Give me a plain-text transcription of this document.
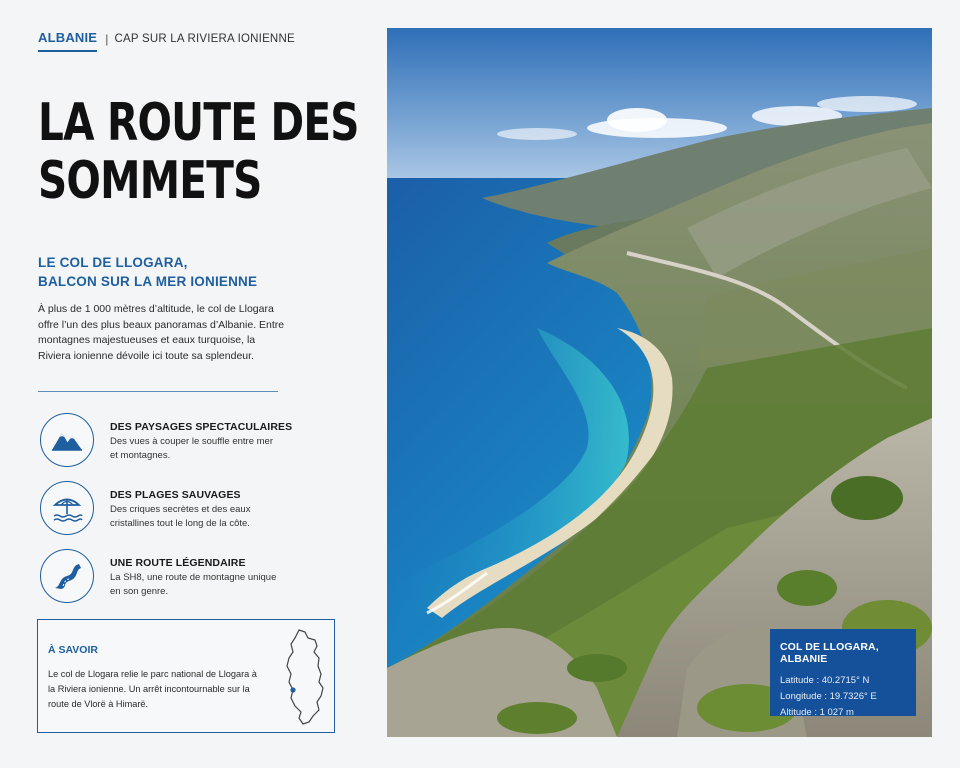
ALBANIE | CAP SUR LA RIVIERA IONIENNE
LA ROUTE DES
SOMMETS
LE COL DE LLOGARA,
BALCON SUR LA MER IONIENNE

À plus de 1 000 mètres d’altitude, le col de Llogara offre l’un des plus beaux panoramas d’Albanie. Entre montagnes majestueuses et eaux turquoise, la Riviera ionienne dévoile ici toute sa splendeur.

DES PAYSAGES SPECTACULAIRES
Des vues à couper le souffle entre mer et montagnes.
DES PLAGES SAUVAGES
Des criques secrètes et des eaux cristallines tout le long de la côte.
UNE ROUTE LÉGENDAIRE
La SH8, une route de montagne unique en son genre.
À SAVOIR
Le col de Llogara relie le parc national de Llogara à la Riviera ionienne. Un arrêt incontournable sur la route de Vlorë à Himarë.
COL DE LLOGARA, ALBANIE
Latitude : 40.2715° N
Longitude : 19.7326° E
Altitude : 1 027 m
